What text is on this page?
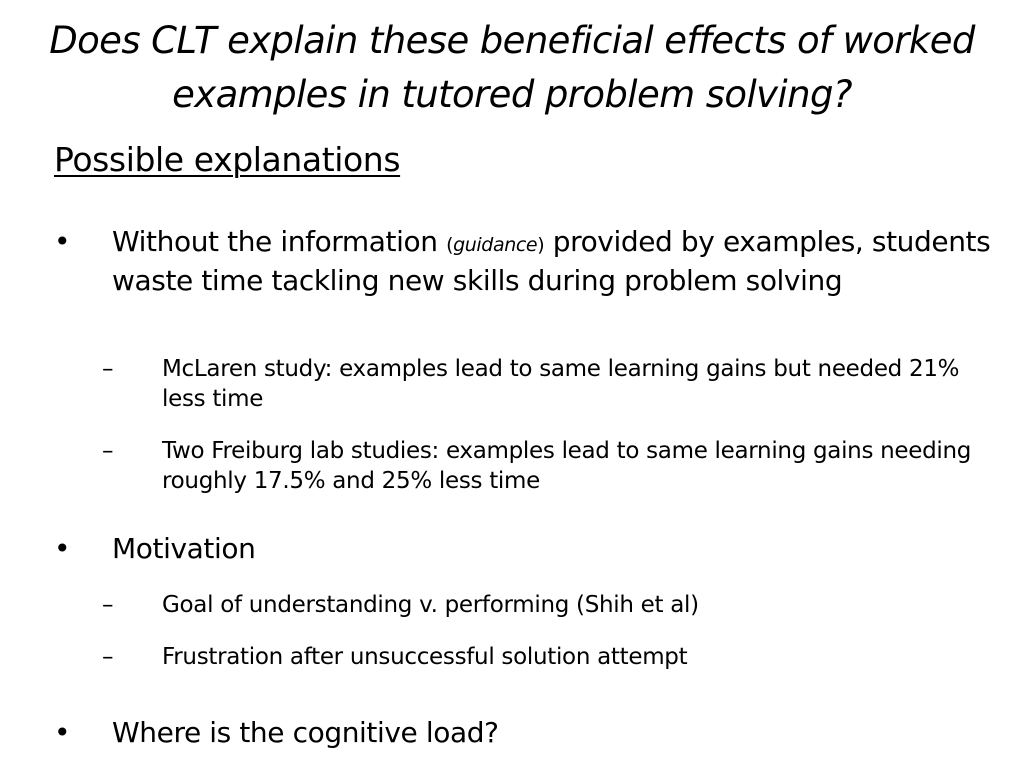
Does CLT explain these beneficial effects of worked examples in tutored problem solving?
Possible explanations
• Without the information (guidance) provided by examples, students waste time tackling new skills during problem solving
– McLaren study: examples lead to same learning gains but needed 21% less time
– Two Freiburg lab studies: examples lead to same learning gains needing roughly 17.5% and 25% less time
• Motivation
– Goal of understanding v. performing (Shih et al)
– Frustration after unsuccessful solution attempt
• Where is the cognitive load?
